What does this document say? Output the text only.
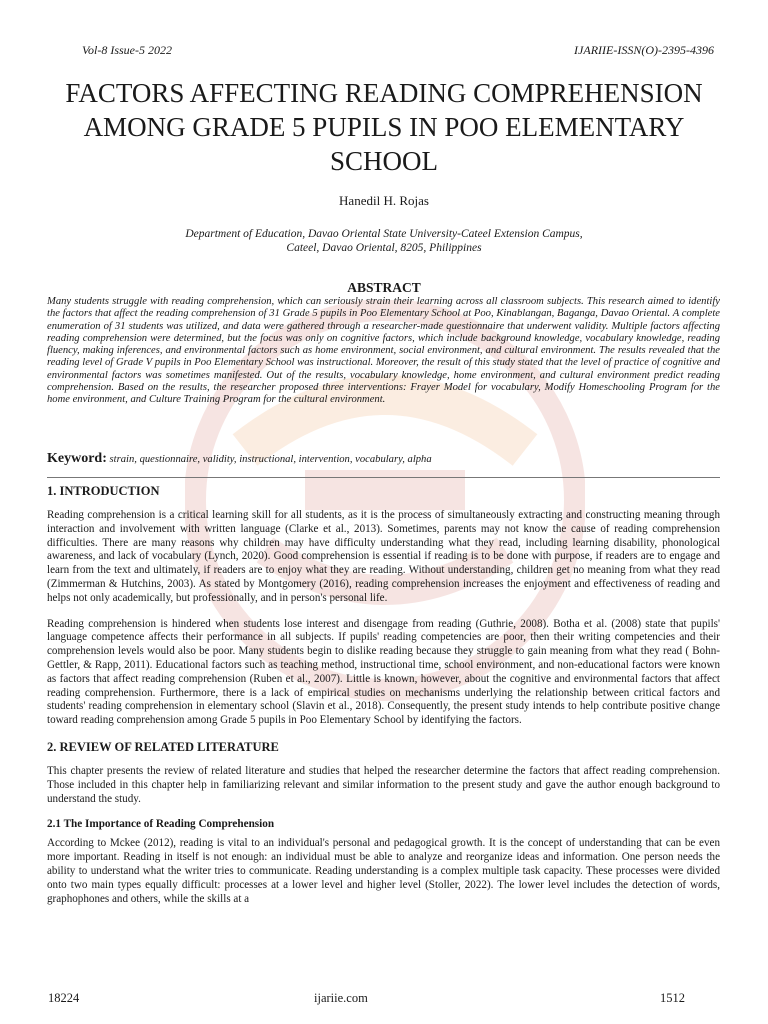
Vol-8 Issue-5 2022	IJARIIE-ISSN(O)-2395-4396
FACTORS AFFECTING READING COMPREHENSION AMONG GRADE 5 PUPILS IN POO ELEMENTARY SCHOOL
Hanedil H. Rojas
Department of Education, Davao Oriental State University-Cateel Extension Campus,
Cateel, Davao Oriental, 8205, Philippines
ABSTRACT

Many students struggle with reading comprehension, which can seriously strain their learning across all classroom subjects. This research aimed to identify the factors that affect the reading comprehension of 31 Grade 5 pupils in Poo Elementary School at Poo, Kinablangan, Baganga, Davao Oriental. A complete enumeration of 31 students was utilized, and data were gathered through a researcher-made questionnaire that underwent validity. Multiple factors affecting reading comprehension were determined, but the focus was only on cognitive factors, which include background knowledge, vocabulary knowledge, reading fluency, making inferences, and environmental factors such as home environment, social environment, and cultural environment. The results revealed that the reading level of Grade V pupils in Poo Elementary School was instructional. Moreover, the result of this study stated that the level of practice of cognitive and environmental factors was sometimes manifested. Out of the results, vocabulary knowledge, home environment, and cultural environment predict reading comprehension. Based on the results, the researcher proposed three interventions: Frayer Model for vocabulary, Modify Homeschooling Program for the home environment, and Culture Training Program for the cultural environment.

Keyword: strain, questionnaire, validity, instructional, intervention, vocabulary, alpha
1. INTRODUCTION

Reading comprehension is a critical learning skill for all students, as it is the process of simultaneously extracting and constructing meaning through interaction and involvement with written language (Clarke et al., 2013). Sometimes, parents may not know the cause of reading comprehension difficulties. There are many reasons why children may have difficulty understanding what they read, including learning disability, phonological awareness, and lack of vocabulary (Lynch, 2020). Good comprehension is essential if reading is to be done with purpose, if readers are to engage and learn from the text and ultimately, if readers are to enjoy what they are reading. Without understanding, children get no meaning from what they read (Zimmerman & Hutchins, 2003). As stated by Montgomery (2016), reading comprehension increases the enjoyment and effectiveness of reading and helps not only academically, but professionally, and in person's personal life.

Reading comprehension is hindered when students lose interest and disengage from reading (Guthrie, 2008). Botha et al. (2008) state that pupils' language competence affects their performance in all subjects. If pupils' reading competencies are poor, then their writing competencies and their comprehension levels would also be poor. Many students begin to dislike reading because they struggle to gain meaning from what they read ( Bohn- Gettler, & Rapp, 2011). Educational factors such as teaching method, instructional time, school environment, and non-educational factors were known as factors that affect reading comprehension (Ruben et al., 2007). Little is known, however, about the cognitive and environmental factors that affect reading comprehension. Furthermore, there is a lack of empirical studies on mechanisms underlying the relationship between critical factors and students' reading comprehension in elementary school (Slavin et al., 2018). Consequently, the present study intends to help contribute positive change toward reading comprehension among Grade 5 pupils in Poo Elementary School by identifying the factors.

2. REVIEW OF RELATED LITERATURE

This chapter presents the review of related literature and studies that helped the researcher determine the factors that affect reading comprehension. Those included in this chapter help in familiarizing relevant and similar information to the present study and gave the author enough background to understand the study.

2.1 The Importance of Reading Comprehension

According to Mckee (2012), reading is vital to an individual's personal and pedagogical growth. It is the concept of understanding that can be even more important. Reading in itself is not enough: an individual must be able to analyze and reorganize ideas and information. One person needs the ability to understand what the writer tries to communicate. Reading understanding is a complex multiple task capacity. These processes were divided onto two main types equally difficult: processes at a lower level and higher level (Stoller, 2022). The lower level includes the detection of words, graphophones and others, while the skills at a

18224	ijariie.com	1512
